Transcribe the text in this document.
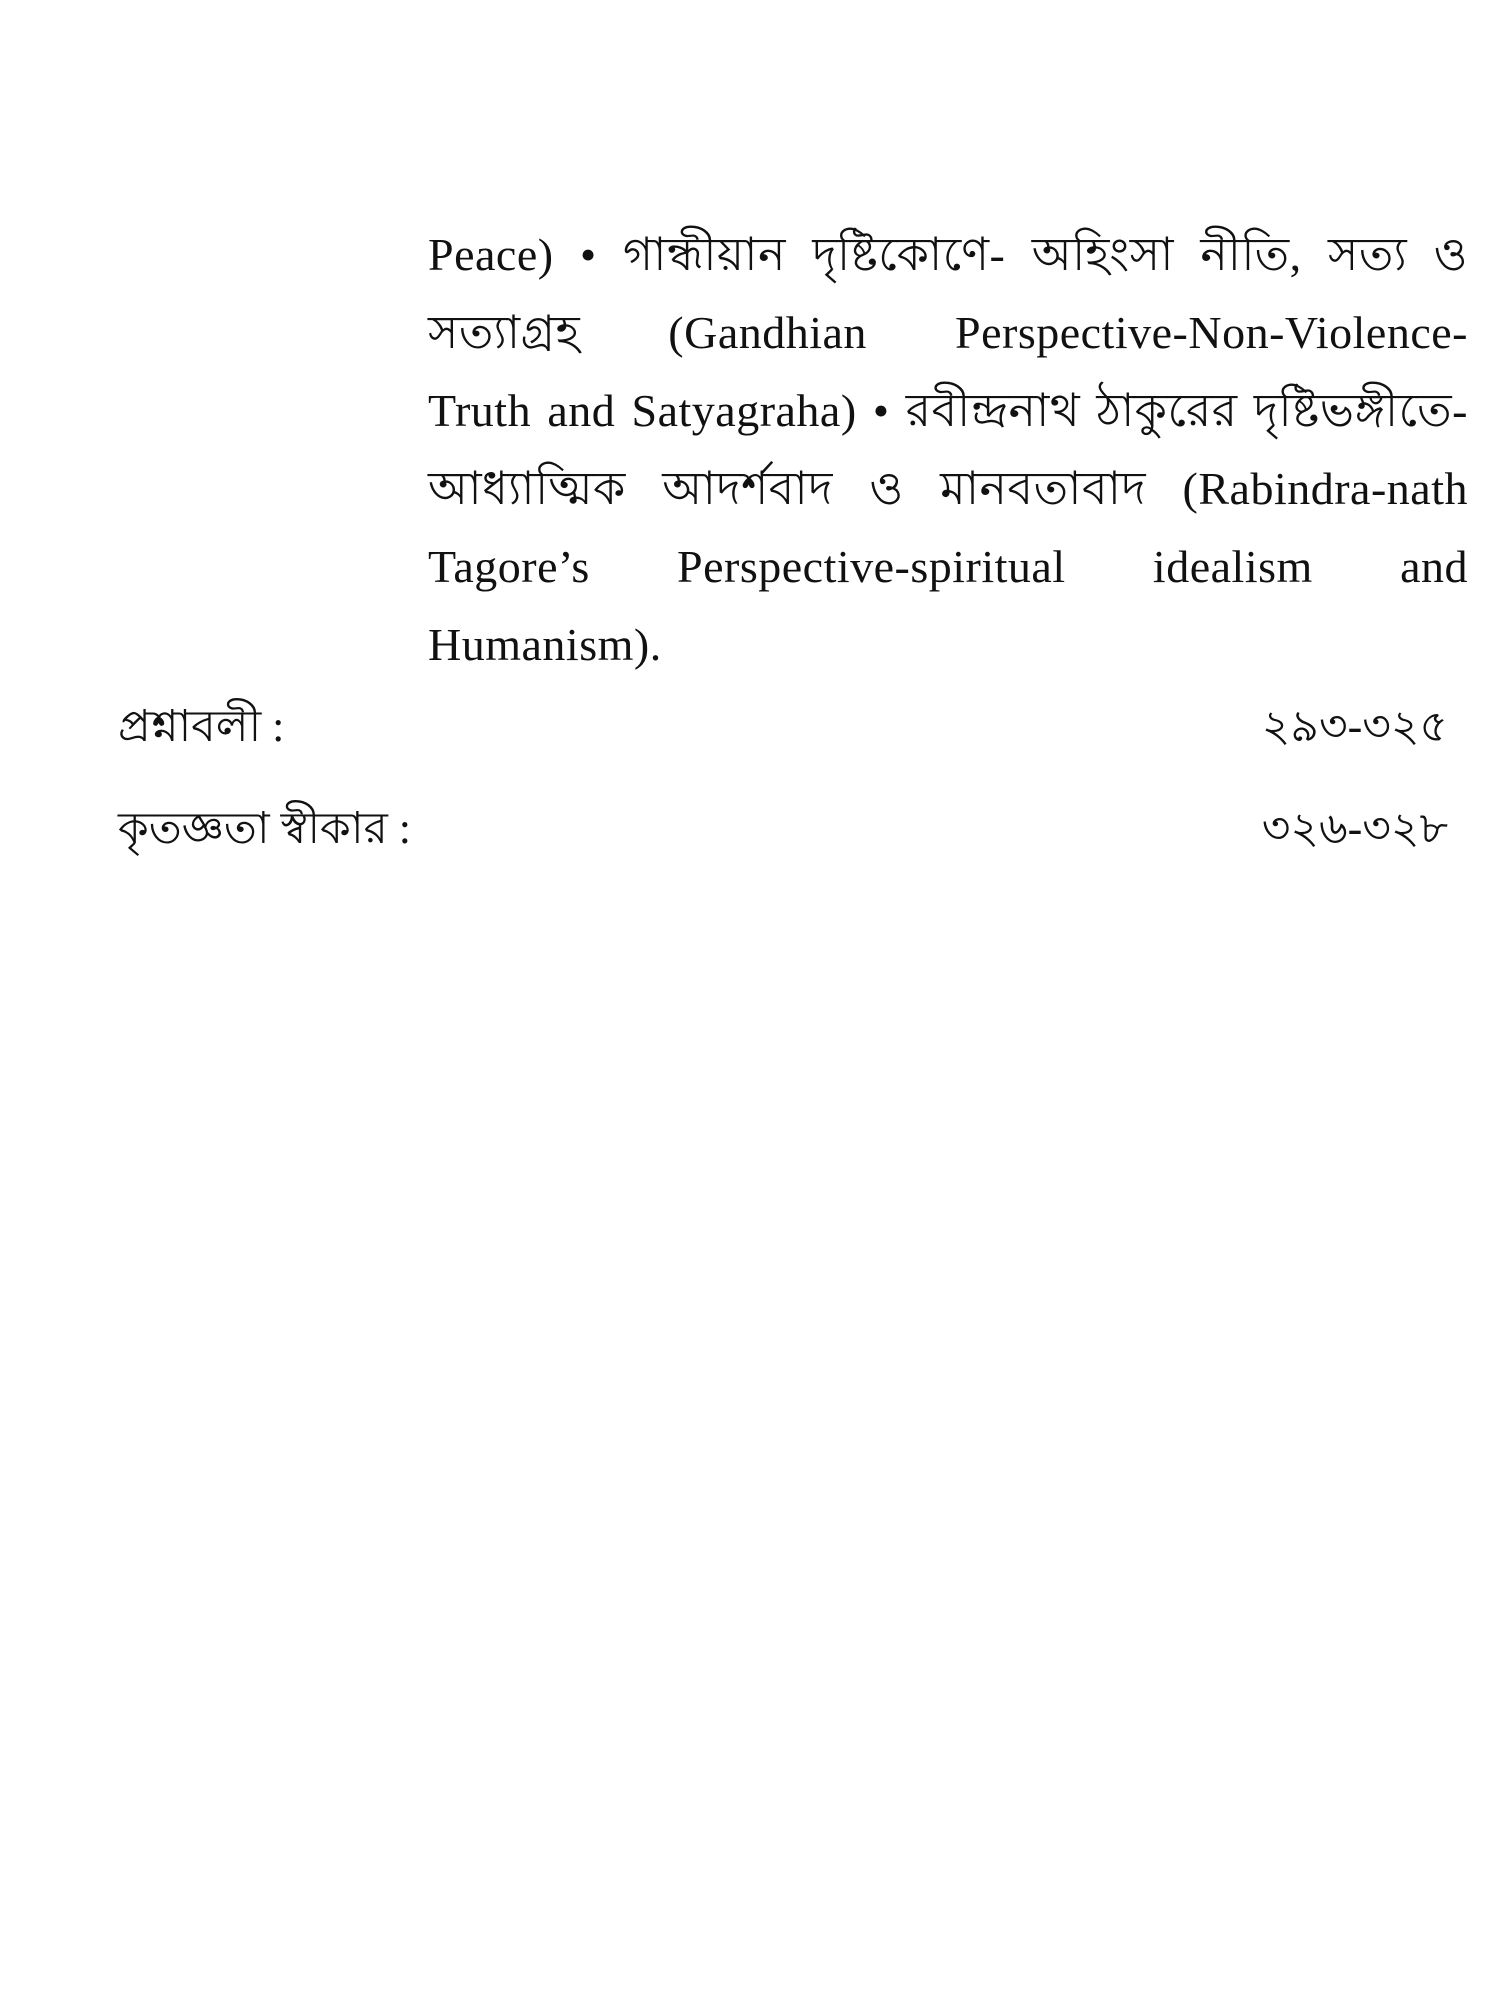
Peace) • গান্ধীয়ান দৃষ্টিকোণে- অহিংসা নীতি, সত্য ও
সত্যাগ্রহ (Gandhian Perspective-Non-Violence-
Truth and Satyagraha) • রবীন্দ্রনাথ ঠাকুরের দৃষ্টিভঙ্গীতে-
আধ্যাত্মিক আদর্শবাদ ও মানবতাবাদ (Rabindra-nath
Tagore’s Perspective-spiritual idealism and
Humanism).
প্রশ্নাবলী :	২৯৩-৩২৫
কৃতজ্ঞতা স্বীকার :	৩২৬-৩২৮
